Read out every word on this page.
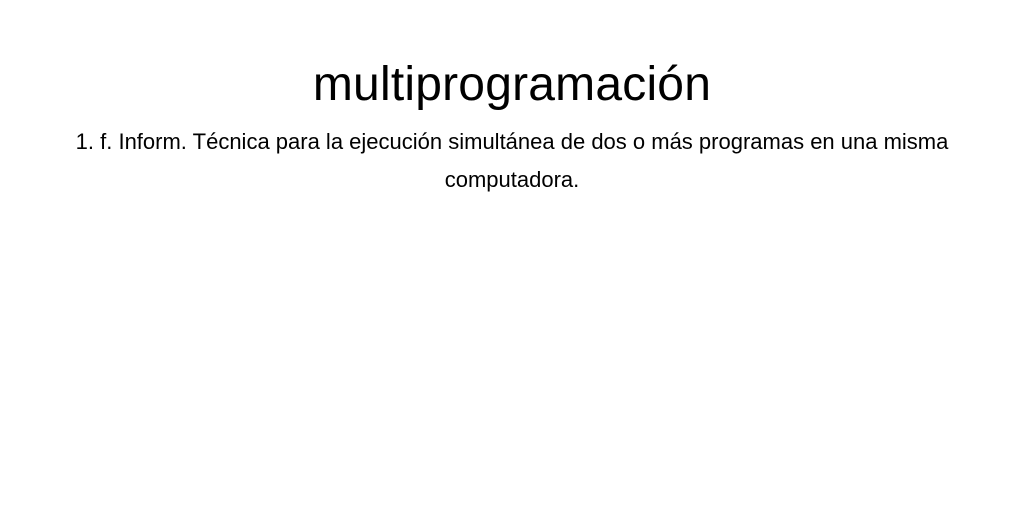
multiprogramación

1. f. Inform. Técnica para la ejecución simultánea de dos o más programas en una misma computadora.
